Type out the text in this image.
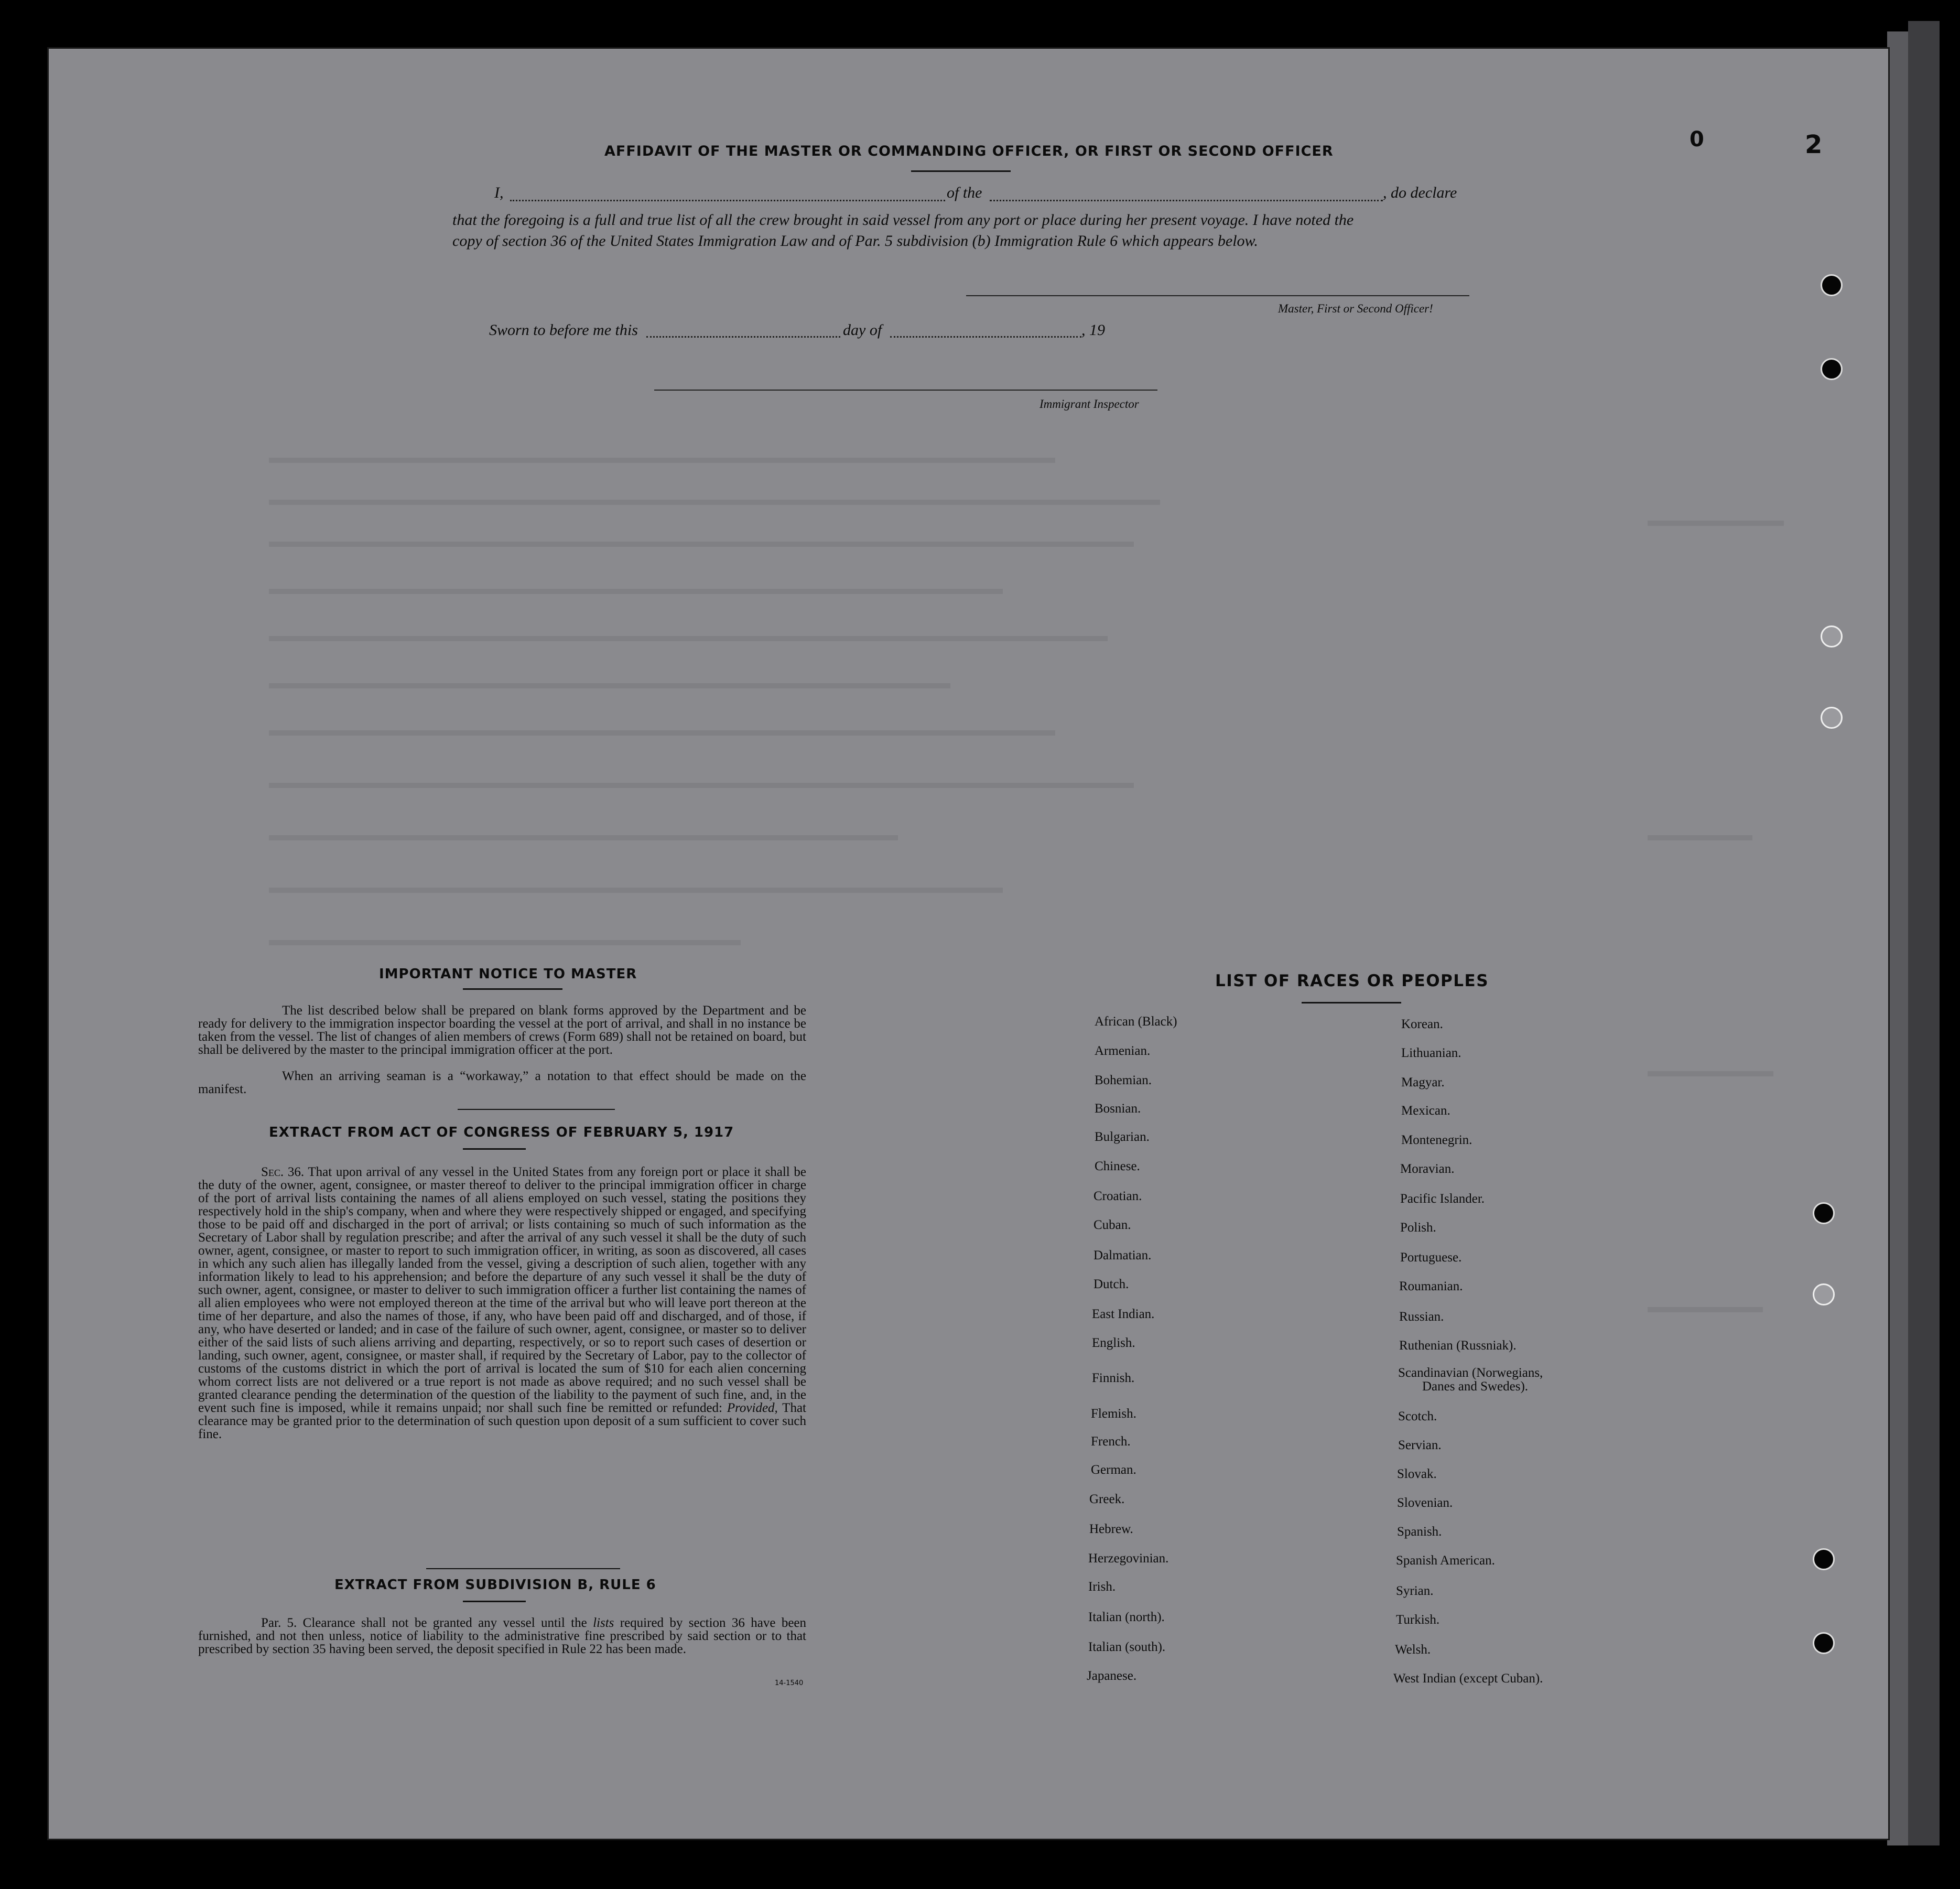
2
0
AFFIDAVIT OF THE MASTER OR COMMANDING OFFICER, OR FIRST OR SECOND OFFICER
I,	of the	, do declare
that the foregoing is a full and true list of all the crew brought in said vessel from any port or place during her present voyage. I have noted the
copy of section 36 of the United States Immigration Law and of Par. 5 subdivision (b) Immigration Rule 6 which appears below.
Master, First or Second Officer!
Sworn to before me this	day of	, 19
Immigrant Inspector
IMPORTANT NOTICE TO MASTER
The list described below shall be prepared on blank forms approved by the Department and be ready for delivery to the immigration inspector boarding the vessel at the port of arrival, and shall in no instance be taken from the vessel. The list of changes of alien members of crews (Form 689) shall not be retained on board, but shall be delivered by the master to the principal immigration officer at the port.
When an arriving seaman is a “workaway,” a notation to that effect should be made on the manifest.
EXTRACT FROM ACT OF CONGRESS OF FEBRUARY 5, 1917
Sec. 36. That upon arrival of any vessel in the United States from any foreign port or place it shall be the duty of the owner, agent, consignee, or master thereof to deliver to the principal immigration officer in charge of the port of arrival lists containing the names of all aliens employed on such vessel, stating the positions they respectively hold in the ship's company, when and where they were respectively shipped or engaged, and specifying those to be paid off and discharged in the port of arrival; or lists containing so much of such information as the Secretary of Labor shall by regulation prescribe; and after the arrival of any such vessel it shall be the duty of such owner, agent, consignee, or master to report to such immigration officer, in writing, as soon as discovered, all cases in which any such alien has illegally landed from the vessel, giving a description of such alien, together with any information likely to lead to his apprehension; and before the departure of any such vessel it shall be the duty of such owner, agent, consignee, or master to deliver to such immigration officer a further list containing the names of all alien employees who were not employed thereon at the time of the arrival but who will leave port thereon at the time of her departure, and also the names of those, if any, who have been paid off and discharged, and of those, if any, who have deserted or landed; and in case of the failure of such owner, agent, consignee, or master so to deliver either of the said lists of such aliens arriving and departing, respectively, or so to report such cases of desertion or landing, such owner, agent, consignee, or master shall, if required by the Secretary of Labor, pay to the collector of customs of the customs district in which the port of arrival is located the sum of $10 for each alien concerning whom correct lists are not delivered or a true report is not made as above required; and no such vessel shall be granted clearance pending the determination of the question of the liability to the payment of such fine, and, in the event such fine is imposed, while it remains unpaid; nor shall such fine be remitted or refunded: Provided, That clearance may be granted prior to the determination of such question upon deposit of a sum sufficient to cover such fine.
EXTRACT FROM SUBDIVISION B, RULE 6
Par. 5. Clearance shall not be granted any vessel until the lists required by section 36 have been furnished, and not then unless, notice of liability to the administrative fine prescribed by said section or to that prescribed by section 35 having been served, the deposit specified in Rule 22 has been made.
14-1540
LIST OF RACES OR PEOPLES
African (Black)
Armenian.
Bohemian.
Bosnian.
Bulgarian.
Chinese.
Croatian.
Cuban.
Dalmatian.
Dutch.
East Indian.
English.
Finnish.
Flemish.
French.
German.
Greek.
Hebrew.
Herzegovinian.
Irish.
Italian (north).
Italian (south).
Japanese.
Korean.
Lithuanian.
Magyar.
Mexican.
Montenegrin.
Moravian.
Pacific Islander.
Polish.
Portuguese.
Roumanian.
Russian.
Ruthenian (Russniak).
Scandinavian (Norwegians,
Danes and Swedes).
Scotch.
Servian.
Slovak.
Slovenian.
Spanish.
Spanish American.
Syrian.
Turkish.
Welsh.
West Indian (except Cuban).
